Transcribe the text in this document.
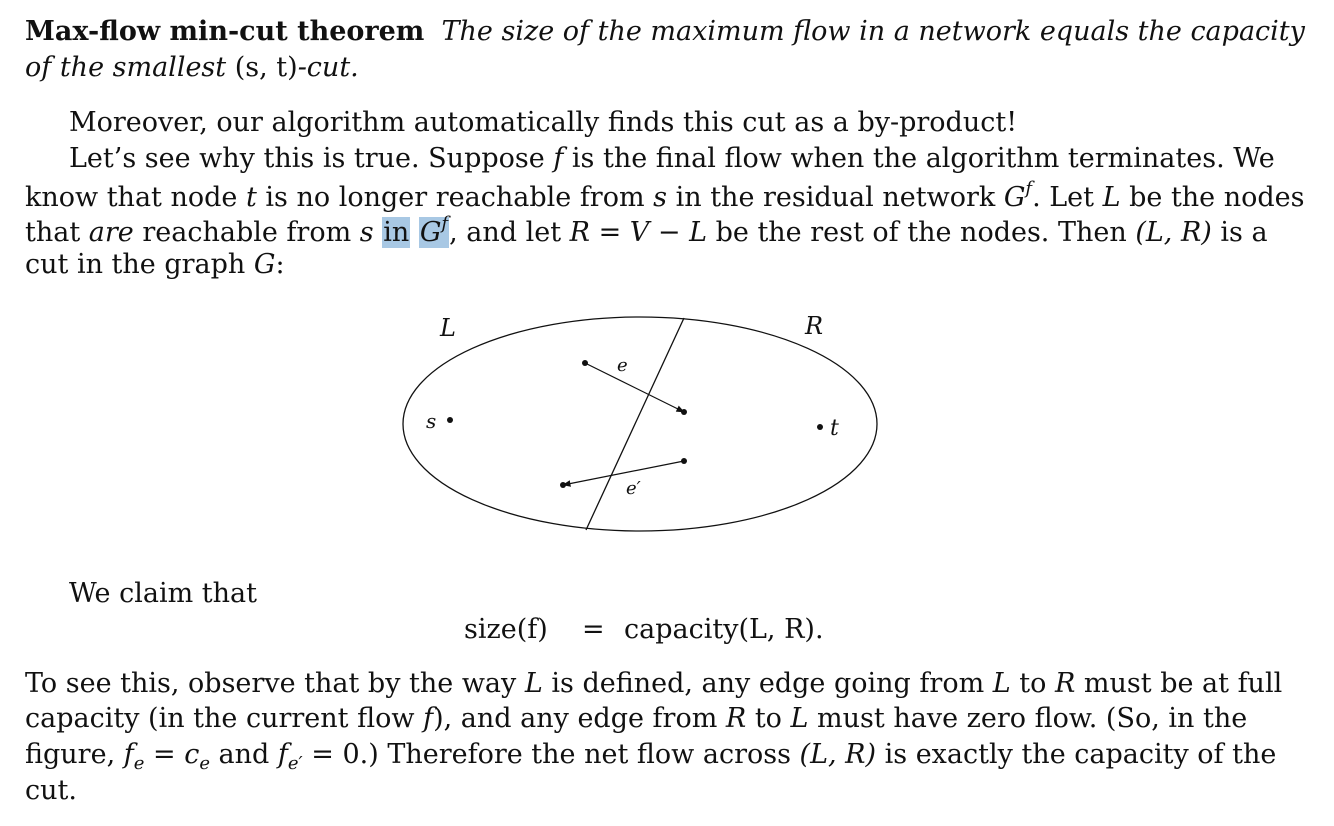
Max-flow min-cut theorem The size of the maximum flow in a network equals the capacity
of the smallest (s, t)-cut.
Moreover, our algorithm automatically finds this cut as a by-product!
Let’s see why this is true. Suppose f is the final flow when the algorithm terminates. We
know that node t is no longer reachable from s in the residual network $G^f$. Let L be the nodes
that are reachable from s in $G^f$, and let R = V − L be the rest of the nodes. Then (L, R) is a
cut in the graph G:
L	R
s	t
e
e′
We claim that
size(f) = capacity(L, R).
To see this, observe that by the way L is defined, any edge going from L to R must be at full
capacity (in the current flow f), and any edge from R to L must have zero flow. (So, in the
figure, $f_e = c_e$ and $f_{e'} = 0$.) Therefore the net flow across (L, R) is exactly the capacity of the
cut.
